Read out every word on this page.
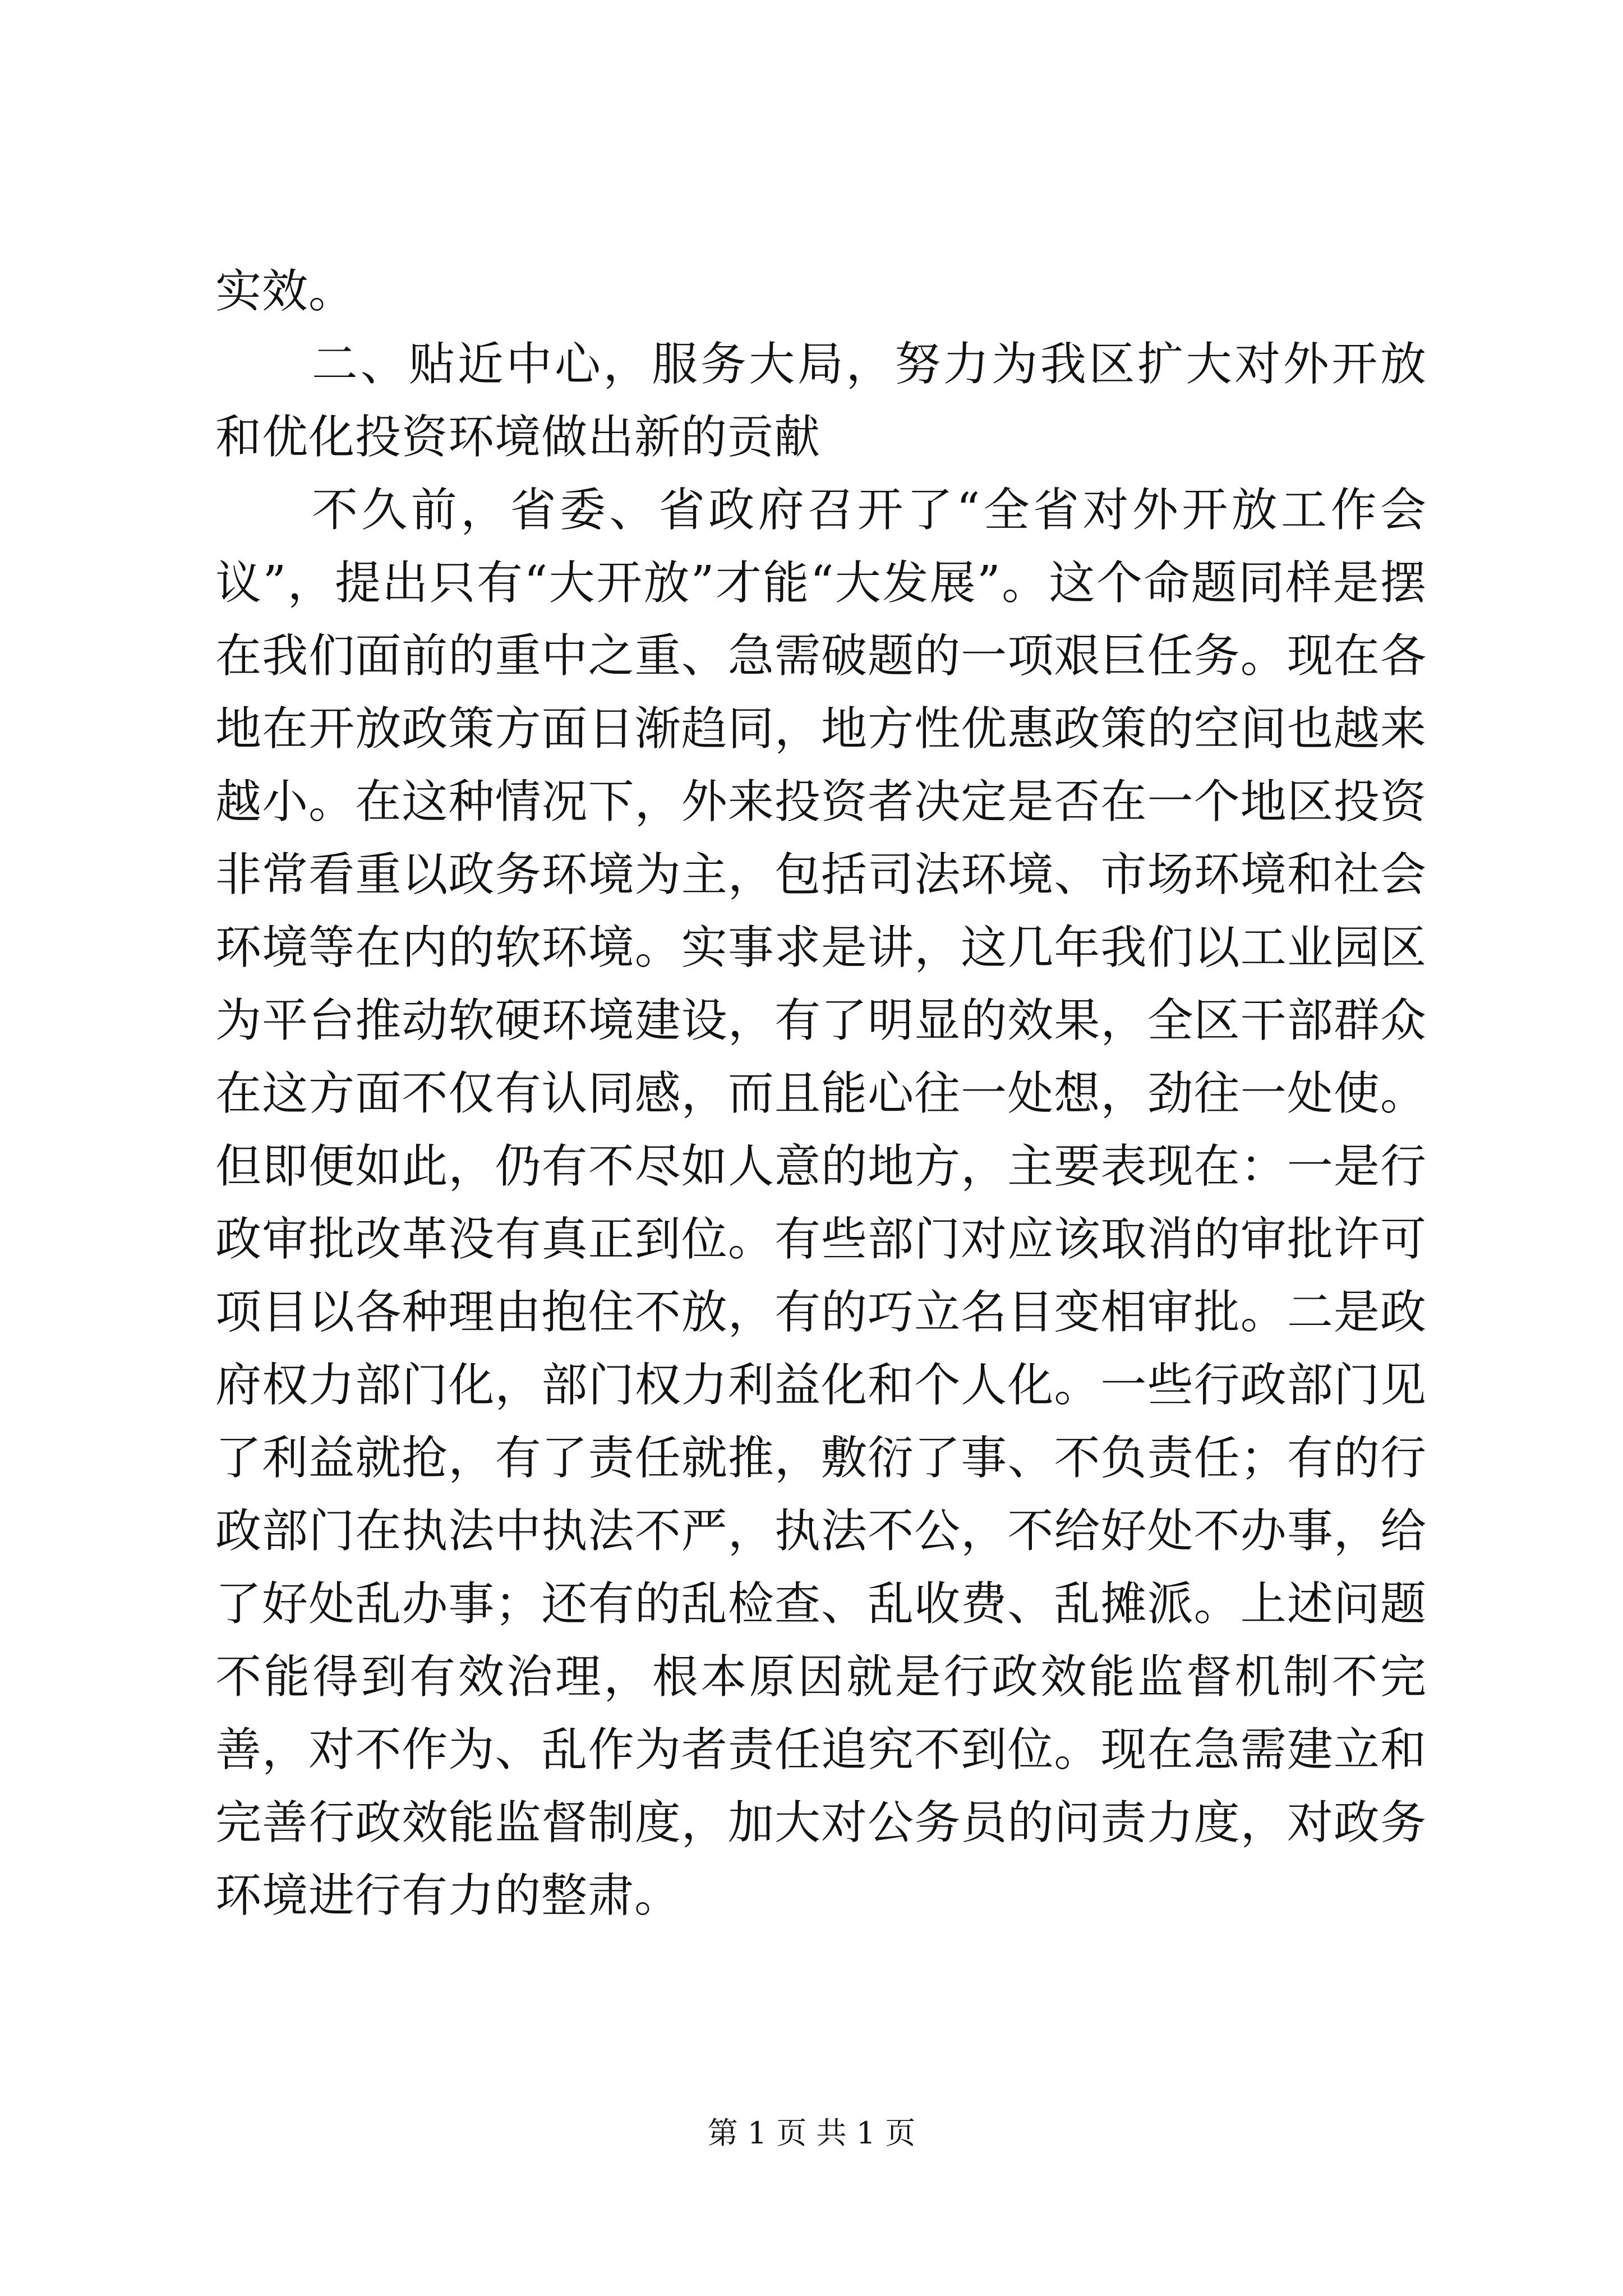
实效。

二、贴近中心，服务大局，努力为我区扩大对外开放和优化投资环境做出新的贡献

不久前，省委、省政府召开了“全省对外开放工作会议”，提出只有“大开放”才能“大发展”。这个命题同样是摆在我们面前的重中之重、急需破题的一项艰巨任务。现在各地在开放政策方面日渐趋同，地方性优惠政策的空间也越来越小。在这种情况下，外来投资者决定是否在一个地区投资非常看重以政务环境为主，包括司法环境、市场环境和社会环境等在内的软环境。实事求是讲，这几年我们以工业园区为平台推动软硬环境建设，有了明显的效果，全区干部群众在这方面不仅有认同感，而且能心往一处想，劲往一处使。但即便如此，仍有不尽如人意的地方，主要表现在：一是行政审批改革没有真正到位。有些部门对应该取消的审批许可项目以各种理由抱住不放，有的巧立名目变相审批。二是政府权力部门化，部门权力利益化和个人化。一些行政部门见了利益就抢，有了责任就推，敷衍了事、不负责任；有的行政部门在执法中执法不严，执法不公，不给好处不办事，给了好处乱办事；还有的乱检查、乱收费、乱摊派。上述问题不能得到有效治理，根本原因就是行政效能监督机制不完善，对不作为、乱作为者责任追究不到位。现在急需建立和完善行政效能监督制度，加大对公务员的问责力度，对政务环境进行有力的整肃。

第 1 页 共 1 页
